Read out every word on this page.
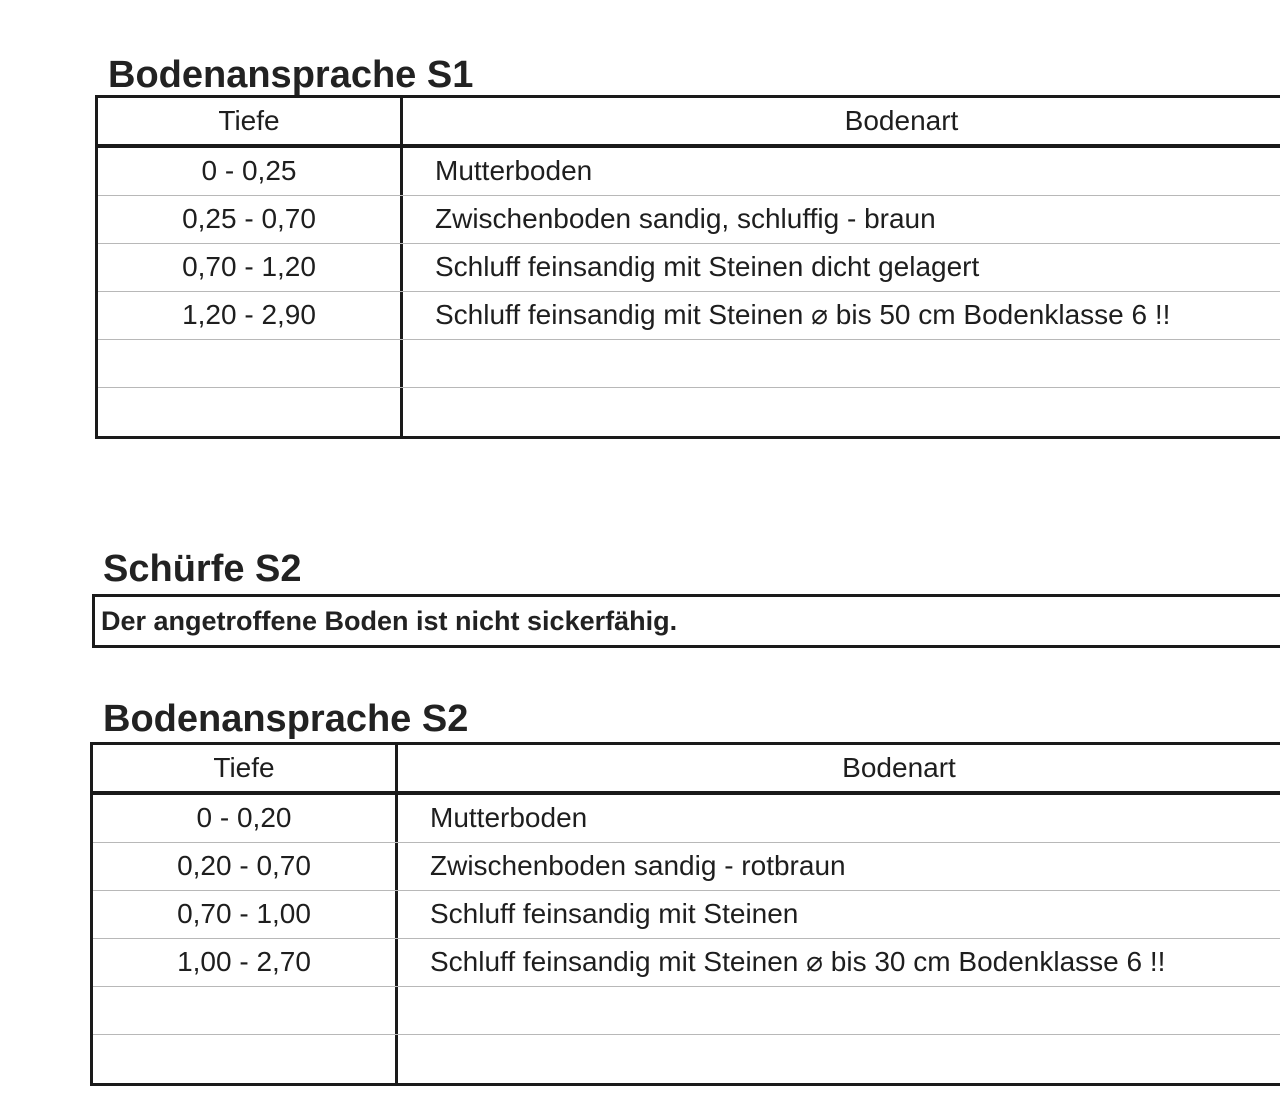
Bodenansprache S1
Tiefe	Bodenart
0 - 0,25	Mutterboden
0,25 - 0,70	Zwischenboden sandig, schluffig - braun
0,70 - 1,20	Schluff feinsandig mit Steinen dicht gelagert
1,20 - 2,90	Schluff feinsandig mit Steinen ⌀ bis 50 cm Bodenklasse 6 !!
Schürfe S2
Der angetroffene Boden ist nicht sickerfähig.
Bodenansprache S2
Tiefe	Bodenart
0 - 0,20	Mutterboden
0,20 - 0,70	Zwischenboden sandig - rotbraun
0,70 - 1,00	Schluff feinsandig mit Steinen
1,00 - 2,70	Schluff feinsandig mit Steinen ⌀ bis 30 cm Bodenklasse 6 !!
